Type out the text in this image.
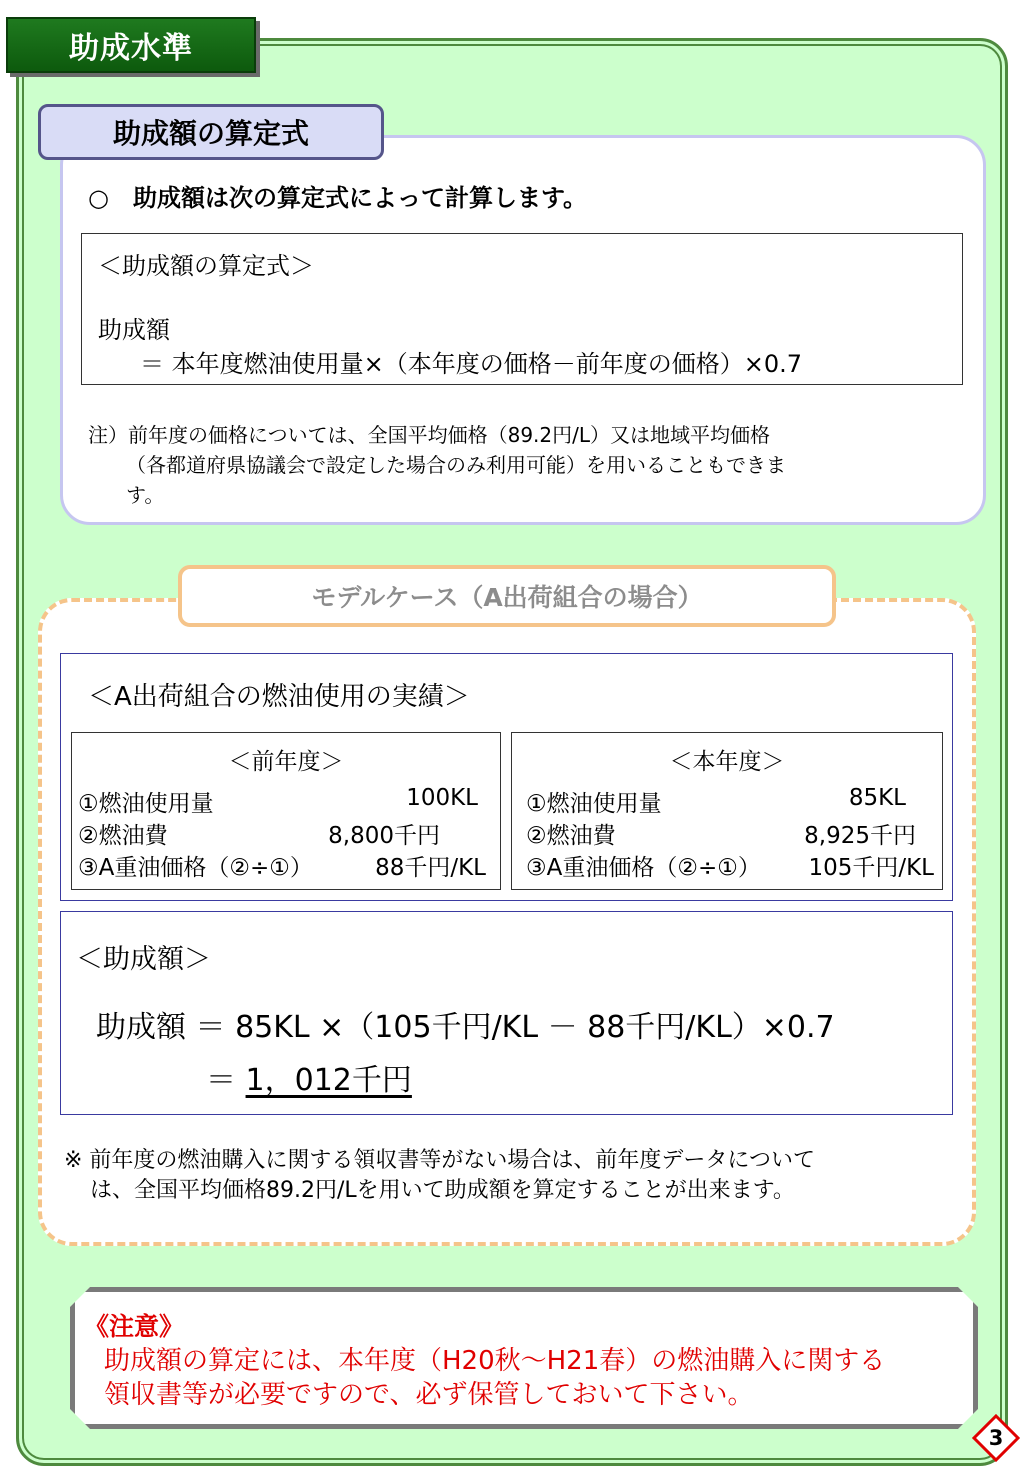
助成水準
助成額の算定式
○　助成額は次の算定式によって計算します。
＜助成額の算定式＞
助成額
＝ 本年度燃油使用量×（本年度の価格－前年度の価格）×0.7
注）前年度の価格については、全国平均価格（89.2円/L）又は地域平均価格
（各都道府県協議会で設定した場合のみ利用可能）を用いることもできま
す。
モデルケース（A出荷組合の場合）
＜A出荷組合の燃油使用の実績＞
＜前年度＞
①燃油使用量	100KL
②燃油費	8,800千円
③A重油価格（②÷①）	88千円/KL
＜本年度＞
①燃油使用量	85KL
②燃油費	8,925千円
③A重油価格（②÷①） 105千円/KL
＜助成額＞
助成額 ＝ 85KL ×（105千円/KL － 88千円/KL）×0.7
＝ 1，012千円
※ 前年度の燃油購入に関する領収書等がない場合は、前年度データについて
は、全国平均価格89.2円/Lを用いて助成額を算定することが出来ます。
《注意》
助成額の算定には、本年度（H20秋～H21春）の燃油購入に関する
領収書等が必要ですので、必ず保管しておいて下さい。
3
